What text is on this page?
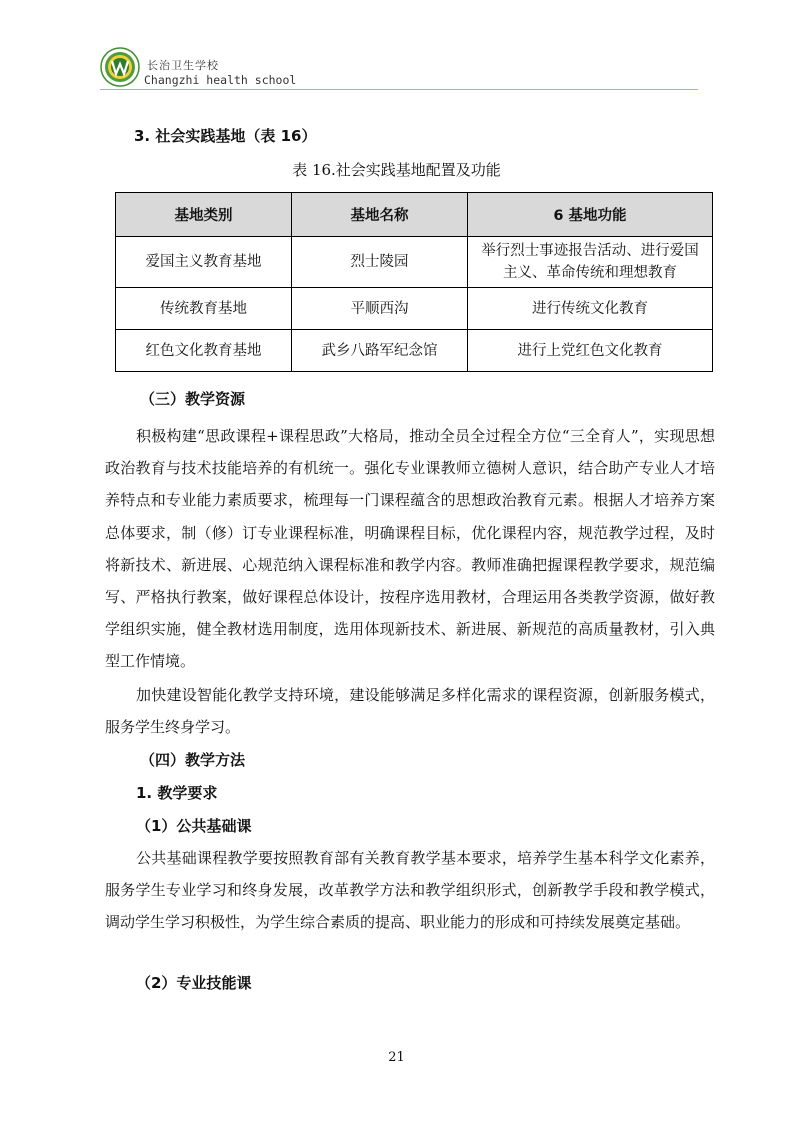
长治卫生学校
Changzhi health school
3. 社会实践基地（表 16）
表 16.社会实践基地配置及功能
基地类别	基地名称	6 基地功能
爱国主义教育基地	烈士陵园	举行烈士事迹报告活动、进行爱国主义、革命传统和理想教育
传统教育基地	平顺西沟	进行传统文化教育
红色文化教育基地	武乡八路军纪念馆	进行上党红色文化教育
（三）教学资源

积极构建“思政课程+课程思政”大格局，推动全员全过程全方位“三全育人”，实现思想政治教育与技术技能培养的有机统一。强化专业课教师立德树人意识，结合助产专业人才培养特点和专业能力素质要求，梳理每一门课程蕴含的思想政治教育元素。根据人才培养方案总体要求，制（修）订专业课程标准，明确课程目标，优化课程内容，规范教学过程，及时将新技术、新进展、心规范纳入课程标准和教学内容。教师准确把握课程教学要求，规范编写、严格执行教案，做好课程总体设计，按程序选用教材，合理运用各类教学资源，做好教学组织实施，健全教材选用制度，选用体现新技术、新进展、新规范的高质量教材，引入典型工作情境。

加快建设智能化教学支持环境，建设能够满足多样化需求的课程资源，创新服务模式，服务学生终身学习。

（四）教学方法
1. 教学要求
（1）公共基础课

公共基础课程教学要按照教育部有关教育教学基本要求，培养学生基本科学文化素养，服务学生专业学习和终身发展，改革教学方法和教学组织形式，创新教学手段和教学模式，调动学生学习积极性，为学生综合素质的提高、职业能力的形成和可持续发展奠定基础。

（2）专业技能课
21
